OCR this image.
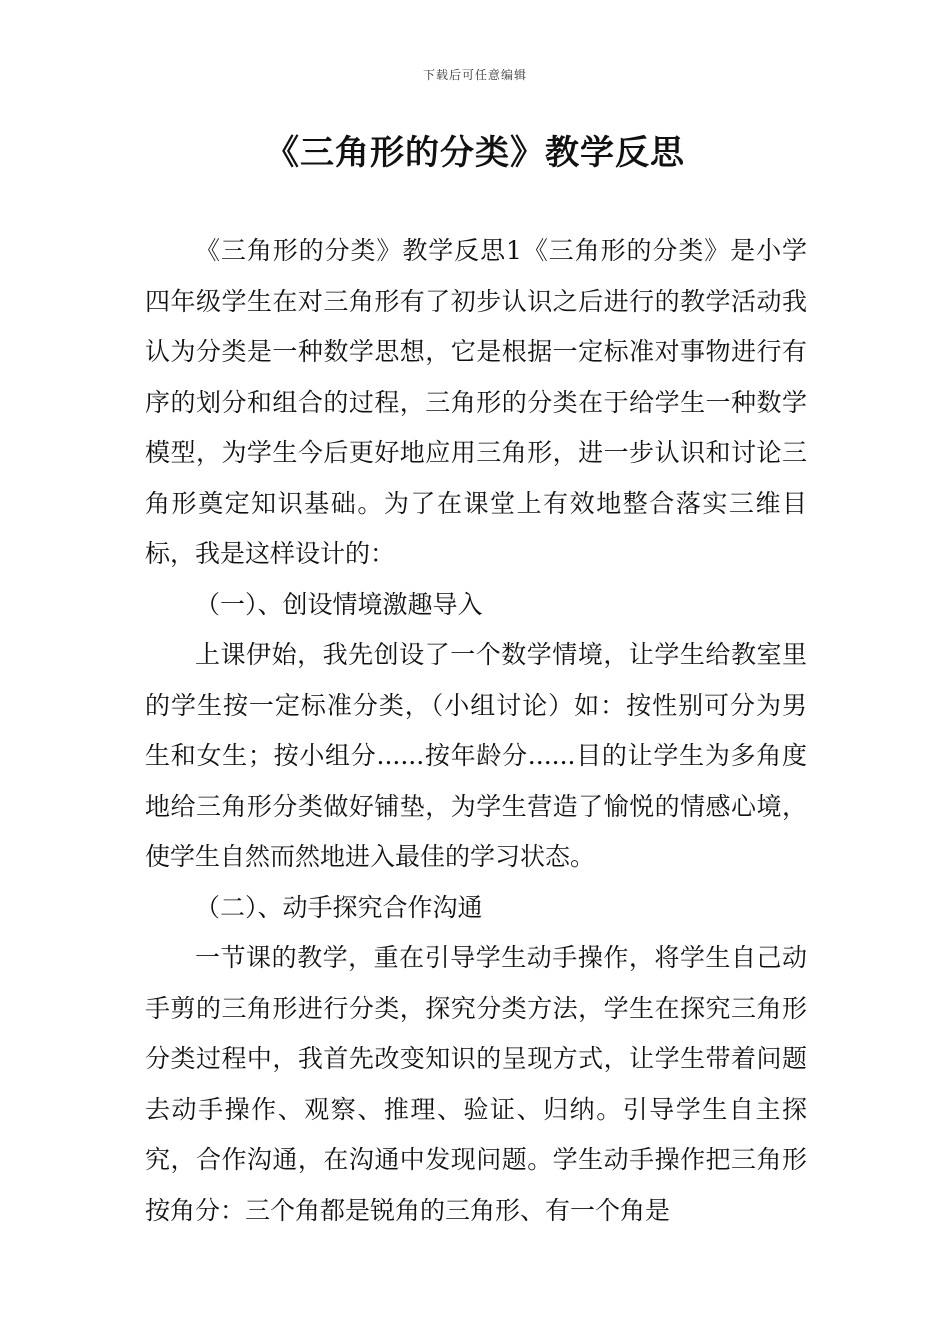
下载后可任意编辑
《三角形的分类》教学反思

《三角形的分类》教学反思1《三角形的分类》是小学四年级学生在对三角形有了初步认识之后进行的教学活动我认为分类是一种数学思想，它是根据一定标准对事物进行有序的划分和组合的过程，三角形的分类在于给学生一种数学模型，为学生今后更好地应用三角形，进一步认识和讨论三角形奠定知识基础。为了在课堂上有效地整合落实三维目标，我是这样设计的：

（一）、创设情境激趣导入

上课伊始，我先创设了一个数学情境，让学生给教室里的学生按一定标准分类，（小组讨论）如：按性别可分为男生和女生；按小组分......按年龄分......目的让学生为多角度地给三角形分类做好铺垫，为学生营造了愉悦的情感心境，使学生自然而然地进入最佳的学习状态。

（二）、动手探究合作沟通

一节课的教学，重在引导学生动手操作，将学生自己动手剪的三角形进行分类，探究分类方法，学生在探究三角形分类过程中，我首先改变知识的呈现方式，让学生带着问题去动手操作、观察、推理、验证、归纳。引导学生自主探究，合作沟通，在沟通中发现问题。学生动手操作把三角形按角分：三个角都是锐角的三角形、有一个角是
